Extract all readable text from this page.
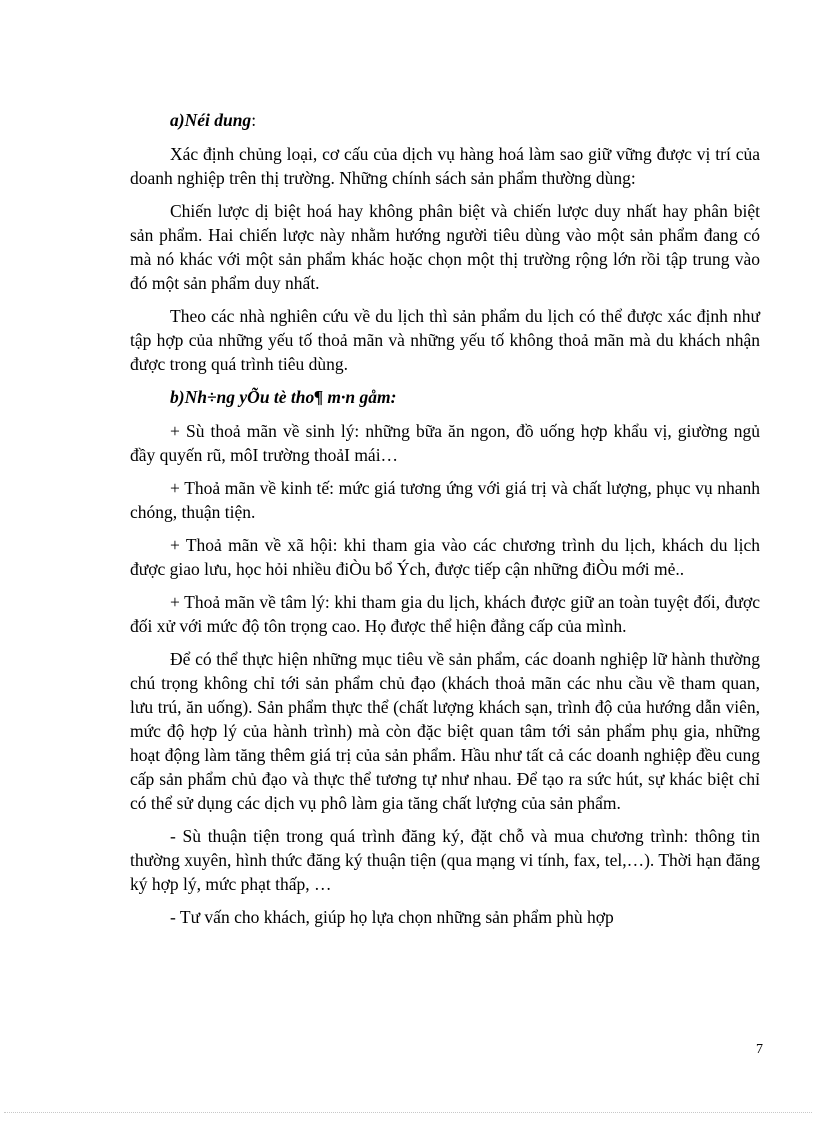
a)Néi dung:

Xác định chủng loại, cơ cấu của dịch vụ hàng hoá làm sao giữ vững được vị trí của doanh nghiệp trên thị trường. Những chính sách sản phẩm thường dùng:

Chiến lược dị biệt hoá hay không phân biệt và chiến lược duy nhất hay phân biệt sản phẩm. Hai chiến lược này nhằm hướng người tiêu dùng vào một sản phẩm đang có mà nó khác với một sản phẩm khác hoặc chọn một thị trường rộng lớn rồi tập trung vào đó một sản phẩm duy nhất.

Theo các nhà nghiên cứu về du lịch thì sản phẩm du lịch có thể được xác định như tập hợp của những yếu tố thoả mãn và những yếu tố không thoả mãn mà du khách nhận được trong quá trình tiêu dùng.

b)Nh÷ng yÕu tè tho¶ m·n gåm:

+ Sù thoả mãn về sinh lý: những bữa ăn ngon, đồ uống hợp khẩu vị, giường ngủ đầy quyến rũ, môI trường thoảI mái…

+ Thoả mãn về kinh tế: mức giá tương ứng với giá trị và chất lượng, phục vụ nhanh chóng, thuận tiện.

+ Thoả mãn về xã hội: khi tham gia vào các chương trình du lịch, khách du lịch được giao lưu, học hỏi nhiều điÒu bổ Ých, được tiếp cận những điÒu mới mẻ..

+ Thoả mãn về tâm lý: khi tham gia du lịch, khách được giữ an toàn tuyệt đối, được đối xử với mức độ tôn trọng cao. Họ được thể hiện đẳng cấp của mình.

Để có thể thực hiện những mục tiêu về sản phẩm, các doanh nghiệp lữ hành thường chú trọng không chỉ tới sản phẩm chủ đạo (khách thoả mãn các nhu cầu về tham quan, lưu trú, ăn uống). Sản phẩm thực thể (chất lượng khách sạn, trình độ của hướng dẫn viên, mức độ hợp lý của hành trình) mà còn đặc biệt quan tâm tới sản phẩm phụ gia, những hoạt động làm tăng thêm giá trị của sản phẩm. Hầu như tất cả các doanh nghiệp đều cung cấp sản phẩm chủ đạo và thực thể tương tự như nhau. Để tạo ra sức hút, sự khác biệt chỉ có thể sử dụng các dịch vụ phô làm gia tăng chất lượng của sản phẩm.

- Sù thuận tiện trong quá trình đăng ký, đặt chỗ và mua chương trình: thông tin thường xuyên, hình thức đăng ký thuận tiện (qua mạng vi tính, fax, tel,…). Thời hạn đăng ký hợp lý, mức phạt thấp, …

- Tư vấn cho khách, giúp họ lựa chọn những sản phẩm phù hợp

7
